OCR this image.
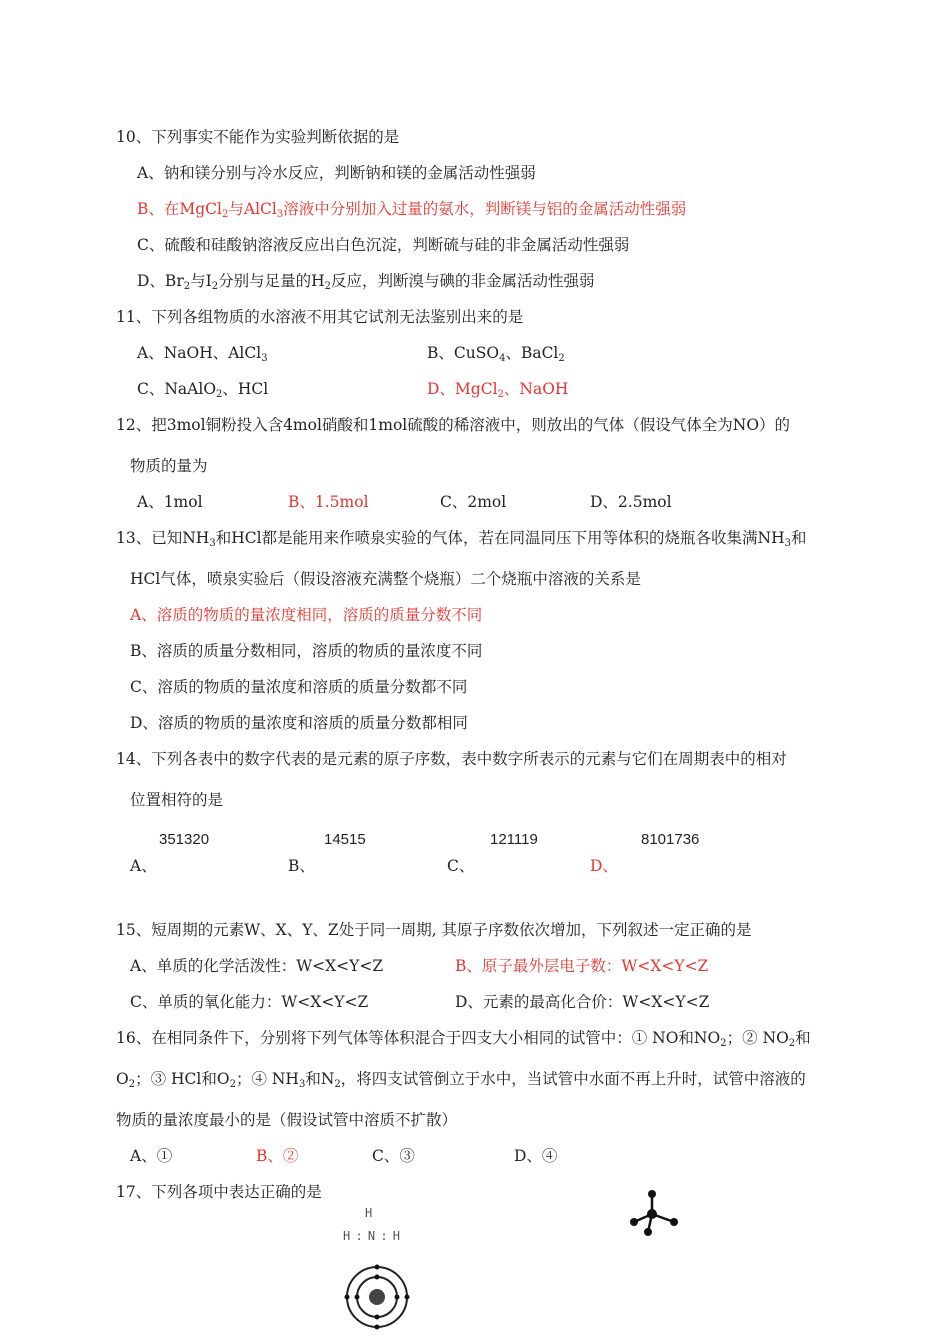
10、下列事实不能作为实验判断依据的是
A、钠和镁分别与冷水反应，判断钠和镁的金属活动性强弱
B、在MgCl$_2$与AlCl$_3$溶液中分别加入过量的氨水，判断镁与铝的金属活动性强弱
C、硫酸和硅酸钠溶液反应出白色沉淀，判断硫与硅的非金属活动性强弱
D、$Br_2$与$I_2$分别与足量的$H_2$反应，判断溴与碘的非金属活动性强弱
11、下列各组物质的水溶液不用其它试剂无法鉴别出来的是
A、NaOH、AlCl$_3$	B、CuSO$_4$、BaCl$_2$
C、NaAlO$_2$、HCl	D、MgCl$_2$、NaOH
12、把3mol铜粉投入含4mol硝酸和1mol硫酸的稀溶液中，则放出的气体（假设气体全为NO）的
物质的量为
A、1mol	B、1.5mol	C、2mol	D、2.5mol
13、已知$NH_3$和HCl都是能用来作喷泉实验的气体，若在同温同压下用等体积的烧瓶各收集满$NH_3$和
HCl气体，喷泉实验后（假设溶液充满整个烧瓶）二个烧瓶中溶液的关系是
A、溶质的物质的量浓度相同，溶质的质量分数不同
B、溶质的质量分数相同，溶质的物质的量浓度不同
C、溶质的物质的量浓度和溶质的质量分数都不同
D、溶质的物质的量浓度和溶质的质量分数都相同
14、下列各表中的数字代表的是元素的原子序数，表中数字所表示的元素与它们在周期表中的相对
位置相符的是
351320	14515	121119	8101736
A、	B、	C、	D、
15、短周期的元素W、X、Y、Z处于同一周期, 其原子序数依次增加，下列叙述一定正确的是
A、单质的化学活泼性：W<X<Y<Z	B、原子最外层电子数：W<X<Y<Z
C、单质的氧化能力：W<X<Y<Z	D、元素的最高化合价：W<X<Y<Z
16、在相同条件下，分别将下列气体等体积混合于四支大小相同的试管中：① NO和$NO_2$；② $NO_2$和
$O_2$；③ HCl和$O_2$；④ $NH_3$和$N_2$，将四支试管倒立于水中，当试管中水面不再上升时，试管中溶液的
物质的量浓度最小的是（假设试管中溶质不扩散）
A、①	B、②	C、③	D、④
17、下列各项中表达正确的是
H
H : N : H
